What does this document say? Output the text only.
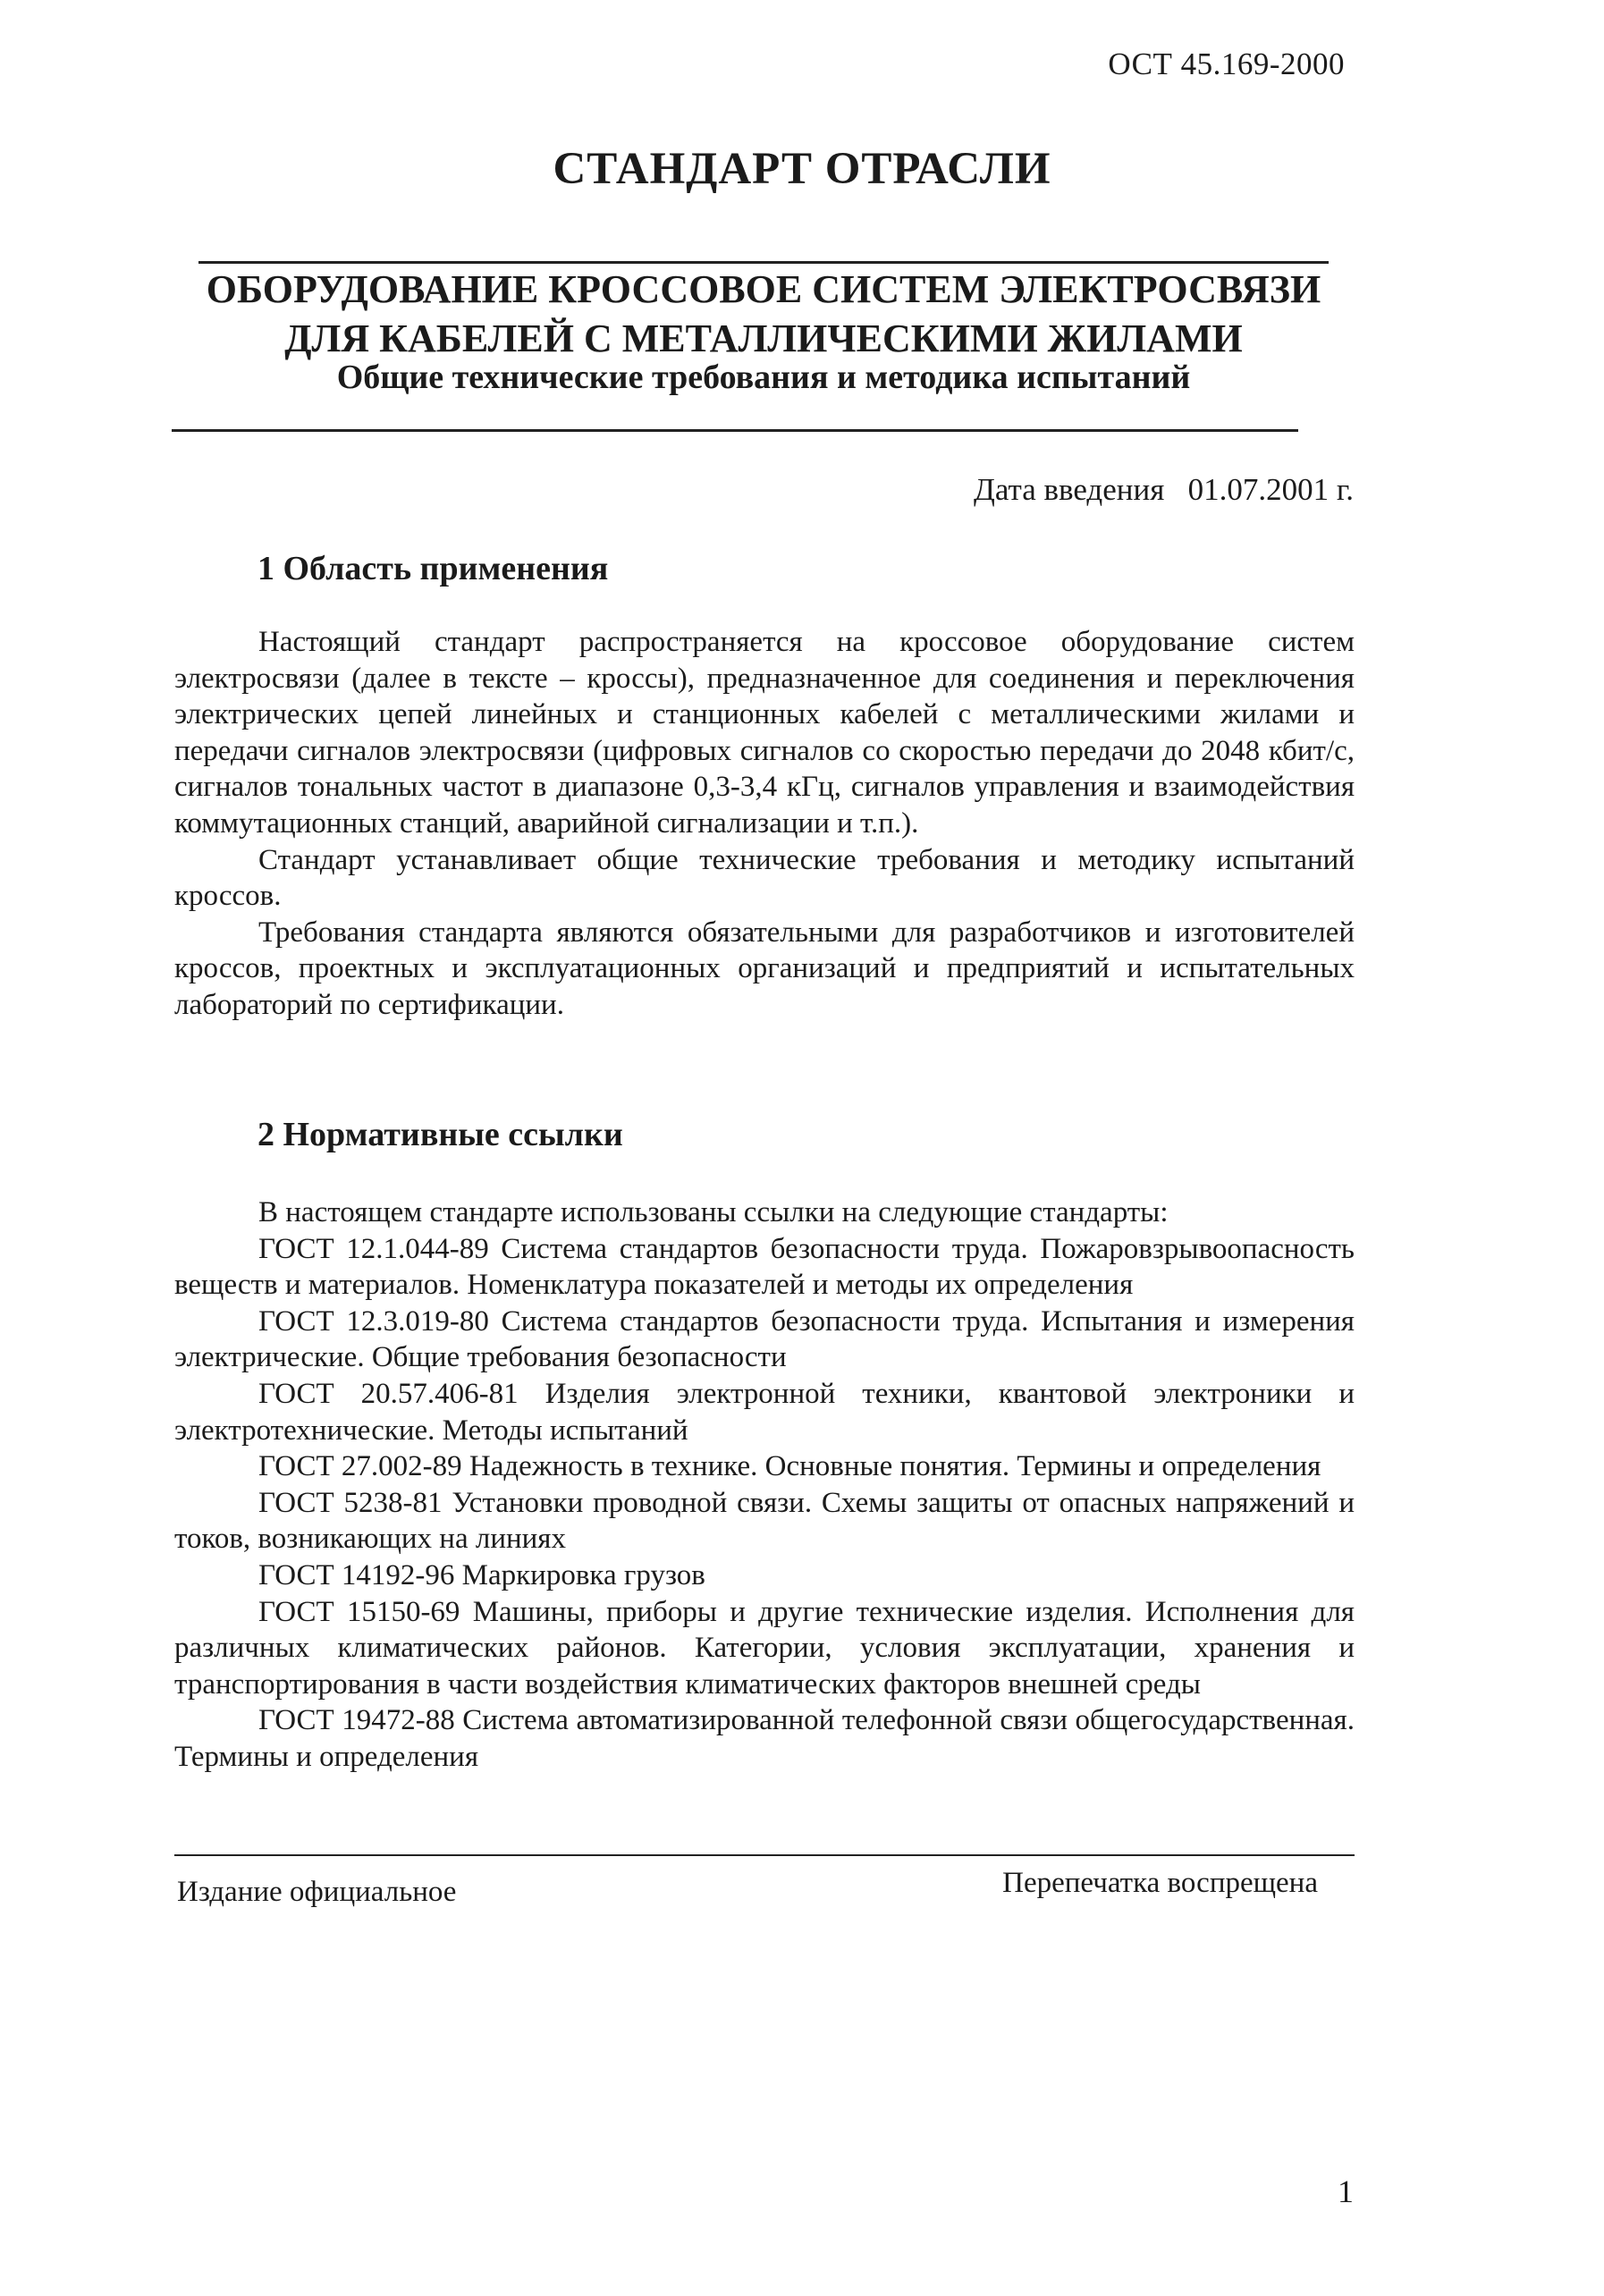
ОСТ 45.169-2000
СТАНДАРТ ОТРАСЛИ
ОБОРУДОВАНИЕ КРОССОВОЕ СИСТЕМ ЭЛЕКТРОСВЯЗИ
ДЛЯ КАБЕЛЕЙ С МЕТАЛЛИЧЕСКИМИ ЖИЛАМИ
Общие технические требования и методика испытаний
Дата введения 01.07.2001 г.
1 Область применения

Настоящий стандарт распространяется на кроссовое оборудование систем электросвязи (далее в тексте – кроссы), предназначенное для соединения и переключения электрических цепей линейных и станционных кабелей с металлическими жилами и передачи сигналов электросвязи (цифровых сигналов со скоростью передачи до 2048 кбит/с, сигналов тональных частот в диапазоне 0,3-3,4 кГц, сигналов управления и взаимодействия коммутационных станций, аварийной сигнализации и т.п.).

Стандарт устанавливает общие технические требования и методику испытаний кроссов.

Требования стандарта являются обязательными для разработчиков и изготовителей кроссов, проектных и эксплуатационных организаций и предприятий и испытательных лабораторий по сертификации.

2 Нормативные ссылки

В настоящем стандарте использованы ссылки на следующие стандарты:

ГОСТ 12.1.044-89 Система стандартов безопасности труда. Пожаровзрывоопасность веществ и материалов. Номенклатура показателей и методы их определения

ГОСТ 12.3.019-80 Система стандартов безопасности труда. Испытания и измерения электрические. Общие требования безопасности

ГОСТ 20.57.406-81 Изделия электронной техники, квантовой электроники и электротехнические. Методы испытаний

ГОСТ 27.002-89 Надежность в технике. Основные понятия. Термины и определения

ГОСТ 5238-81 Установки проводной связи. Схемы защиты от опасных напряжений и токов, возникающих на линиях

ГОСТ 14192-96 Маркировка грузов

ГОСТ 15150-69 Машины, приборы и другие технические изделия. Исполнения для различных климатических районов. Категории, условия эксплуатации, хранения и транспортирования в части воздействия климатических факторов внешней среды

ГОСТ 19472-88 Система автоматизированной телефонной связи общегосударственная. Термины и определения

Издание официальное	Перепечатка воспрещена
1
